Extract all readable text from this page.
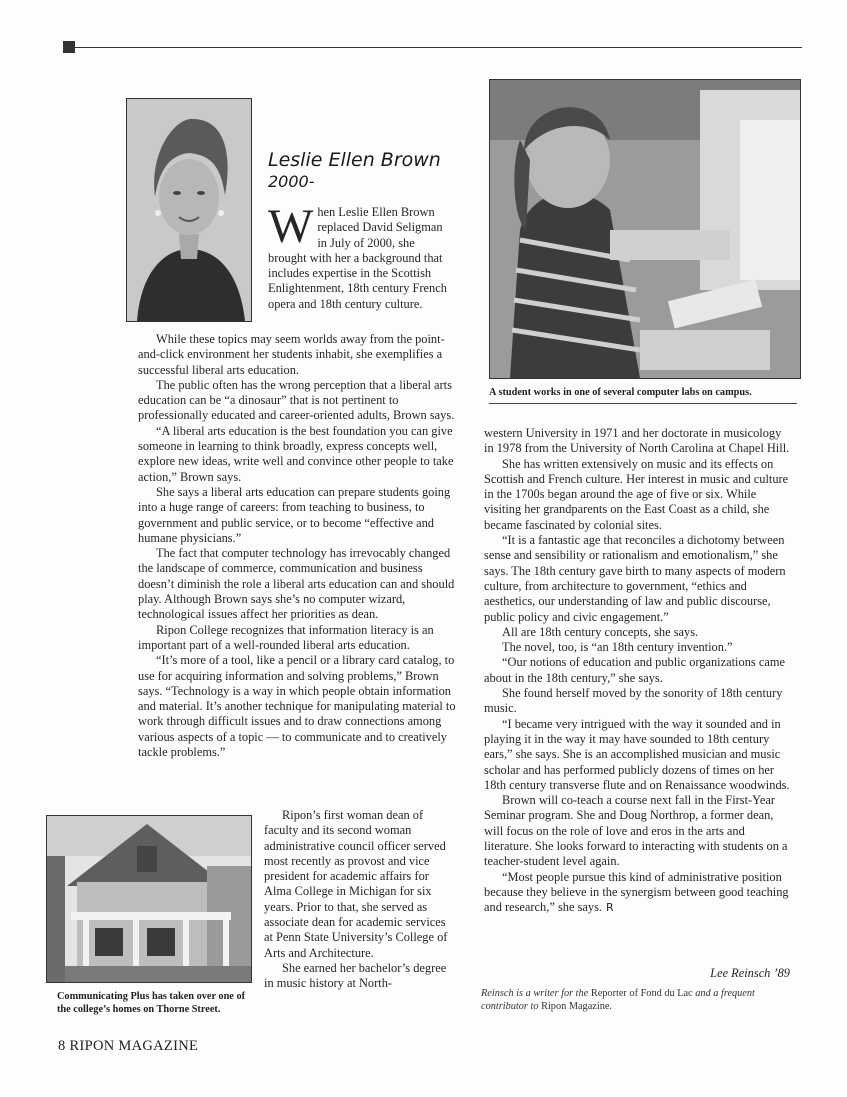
Leslie Ellen Brown

2000-

W hen Leslie Ellen Brown replaced David Seligman in July of 2000, she brought with her a background that includes expertise in the Scottish Enlightenment, 18th century French opera and 18th century culture.

While these topics may seem worlds away from the point-and-click environment her students inhabit, she exemplifies a successful liberal arts education.

The public often has the wrong perception that a liberal arts education can be “a dinosaur” that is not pertinent to professionally educated and career-oriented adults, Brown says.

“A liberal arts education is the best foundation you can give someone in learning to think broadly, express concepts well, explore new ideas, write well and convince other people to take action,” Brown says.

She says a liberal arts education can prepare students going into a huge range of careers: from teaching to business, to government and public service, or to become “effective and humane physicians.”

The fact that computer technology has irrevocably changed the landscape of commerce, communication and business doesn’t diminish the role a liberal arts education can and should play. Although Brown says she’s no computer wizard, technological issues affect her priorities as dean.

Ripon College recognizes that information literacy is an important part of a well-rounded liberal arts education.

“It’s more of a tool, like a pencil or a library card catalog, to use for acquiring information and solving problems,” Brown says. “Technology is a way in which people obtain information and material. It’s another technique for manipulating material to work through difficult issues and to draw connections among various aspects of a topic — to communicate and to creatively tackle problems.”

Communicating Plus has taken over one of the college’s homes on Thorne Street.

Ripon’s first woman dean of faculty and its second woman administrative council officer served most recently as provost and vice president for academic affairs for Alma College in Michigan for six years. Prior to that, she served as associate dean for academic services at Penn State University’s College of Arts and Architecture.

She earned her bachelor’s degree in music history at North-

A student works in one of several computer labs on campus.

western University in 1971 and her doctorate in musicology in 1978 from the University of North Carolina at Chapel Hill.

She has written extensively on music and its effects on Scottish and French culture. Her interest in music and culture in the 1700s began around the age of five or six. While visiting her grandparents on the East Coast as a child, she became fascinated by colonial sites.

“It is a fantastic age that reconciles a dichotomy between sense and sensibility or rationalism and emotionalism,” she says. The 18th century gave birth to many aspects of modern culture, from architecture to government, “ethics and aesthetics, our understanding of law and public discourse, public policy and civic engagement.”

All are 18th century concepts, she says.

The novel, too, is “an 18th century invention.”

“Our notions of education and public organizations came about in the 18th century,” she says.

She found herself moved by the sonority of 18th century music.

“I became very intrigued with the way it sounded and in playing it in the way it may have sounded to 18th century ears,” she says. She is an accomplished musician and music scholar and has performed publicly dozens of times on her 18th century transverse flute and on Renaissance woodwinds.

Brown will co-teach a course next fall in the First-Year Seminar program. She and Doug Northrop, a former dean, will focus on the role of love and eros in the arts and literature. She looks forward to interacting with students on a teacher-student level again.

“Most people pursue this kind of administrative position because they believe in the synergism between good teaching and research,” she says. R

Lee Reinsch ’89

Reinsch is a writer for the Reporter of Fond du Lac and a frequent contributor to Ripon Magazine.

8 RIPON MAGAZINE
